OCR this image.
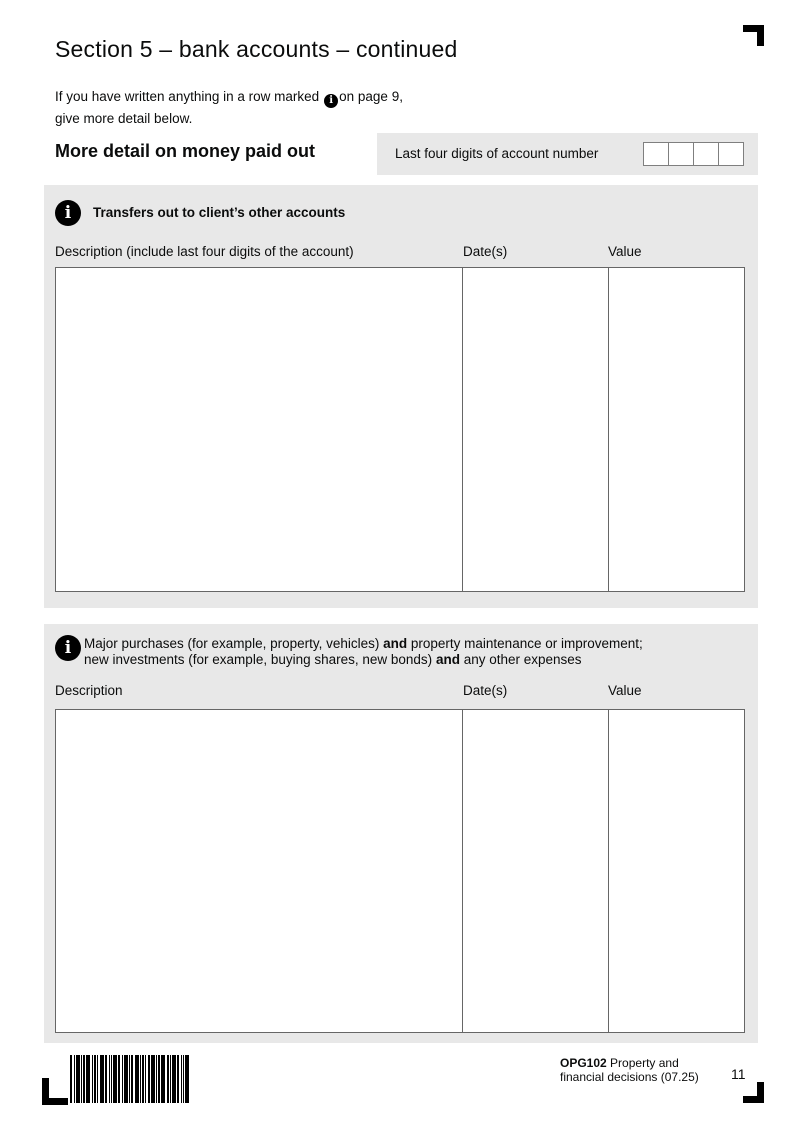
Section 5 – bank accounts – continued
If you have written anything in a row marked i on page 9,
give more detail below.
More detail on money paid out	Last four digits of account number
i Transfers out to client’s other accounts
Description (include last four digits of the account)	Date(s)	Value
i Major purchases (for example, property, vehicles) and property maintenance or improvement;
new investments (for example, buying shares, new bonds) and any other expenses
Description	Date(s)	Value
OPG102 Property and
financial decisions (07.25)	11
